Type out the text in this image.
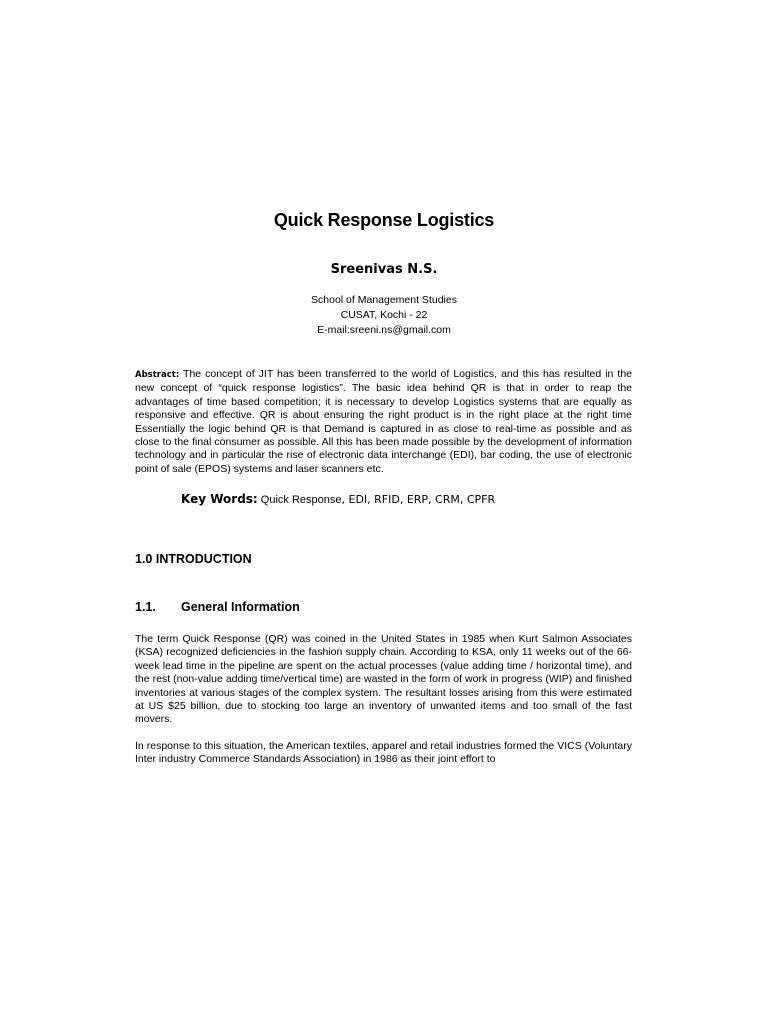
Quick Response Logistics
Sreenivas N.S.
School of Management Studies
CUSAT, Kochi - 22
E-mail:sreeni.ns@gmail.com
Abstract: The concept of JIT has been transferred to the world of Logistics, and this has resulted in the new concept of “quick response logistics”. The basic idea behind QR is that in order to reap the advantages of time based competition; it is necessary to develop Logistics systems that are equally as responsive and effective. QR is about ensuring the right product is in the right place at the right time Essentially the logic behind QR is that Demand is captured in as close to real-time as possible and as close to the final consumer as possible. All this has been made possible by the development of information technology and in particular the rise of electronic data interchange (EDI), bar coding, the use of electronic point of sale (EPOS) systems and laser scanners etc.
Key Words: Quick Response, EDI, RFID, ERP, CRM, CPFR
1.0 INTRODUCTION
1.1. General Information
The term Quick Response (QR) was coined in the United States in 1985 when Kurt Salmon Associates (KSA) recognized deficiencies in the fashion supply chain. According to KSA, only 11 weeks out of the 66-week lead time in the pipeline are spent on the actual processes (value adding time / horizontal time), and the rest (non-value adding time/vertical time) are wasted in the form of work in progress (WIP) and finished inventories at various stages of the complex system. The resultant losses arising from this were estimated at US $25 billion, due to stocking too large an inventory of unwanted items and too small of the fast movers.
In response to this situation, the American textiles, apparel and retail industries formed the VICS (Voluntary Inter industry Commerce Standards Association) in 1986 as their joint effort to
